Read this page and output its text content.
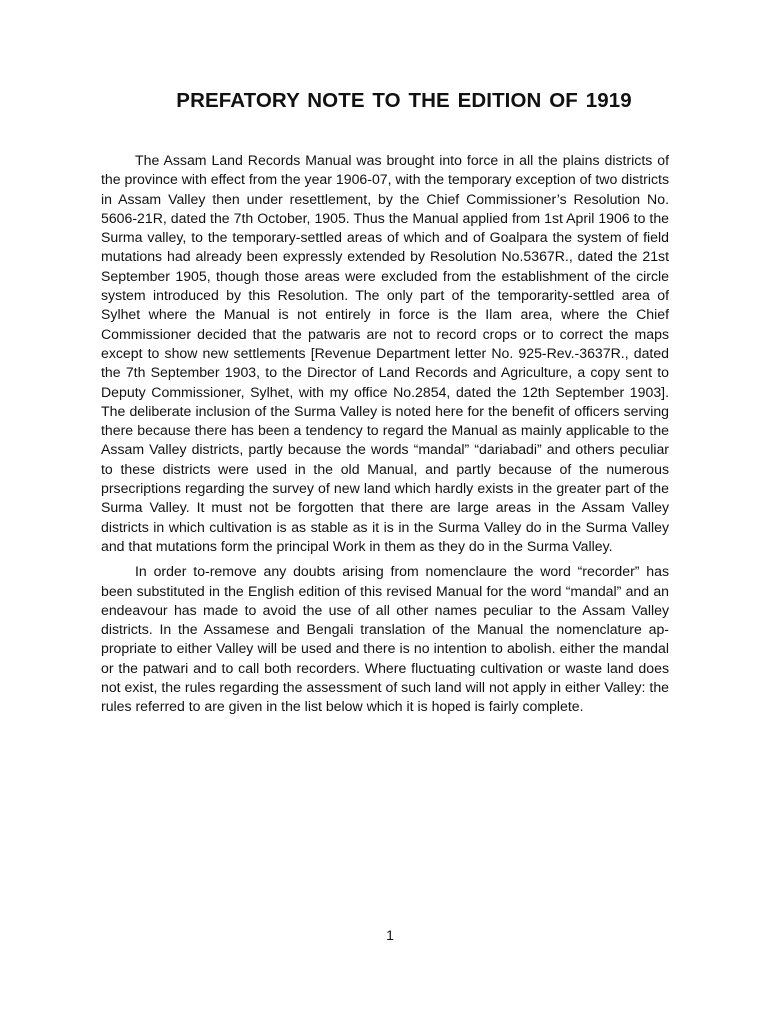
PREFATORY NOTE TO THE EDITION OF 1919

The Assam Land Records Manual was brought into force in all the plains districts of the province with effect from the year 1906-07, with the temporary exception of two districts in Assam Valley then under resettlement, by the Chief Commissioner’s Resolution No. 5606-21R, dated the 7th October, 1905. Thus the Manual applied from 1st April 1906 to the Surma valley, to the temporary-settled areas of which and of Goalpara the system of field mutations had already been expressly extended by Resolution No.5367R., dated the 21st September 1905, though those areas were excluded from the establishment of the circle system introduced by this Resolution. The only part of the temporarity-settled area of Sylhet where the Manual is not entirely in force is the Ilam area, where the Chief Commissioner decided that the patwaris are not to record crops or to correct the maps except to show new settlements [Revenue Department letter No. 925-Rev.-3637R., dated the 7th September 1903, to the Director of Land Records and Agriculture, a copy sent to Deputy Commissioner, Sylhet, with my office No.2854, dated the 12th September 1903]. The deliberate inclusion of the Surma Valley is noted here for the benefit of officers serving there because there has been a tendency to regard the Manual as mainly applicable to the Assam Valley districts, partly because the words “mandal” “dariabadi” and others peculiar to these districts were used in the old Manual, and partly because of the numerous prsecriptions regarding the survey of new land which hardly exists in the greater part of the Surma Valley. It must not be forgotten that there are large areas in the Assam Valley districts in which cultivation is as stable as it is in the Surma Valley do in the Surma Valley and that mutations form the principal Work in them as they do in the Surma Valley.

In order to-remove any doubts arising from nomenclaure the word “recorder” has been substituted in the English edition of this revised Manual for the word “mandal” and an endeavour has made to avoid the use of all other names peculiar to the Assam Valley districts. In the Assamese and Bengali translation of the Manual the nomenclature appropriate to either Valley will be used and there is no intention to abolish. either the mandal or the patwari and to call both recorders. Where fluctuating cultivation or waste land does not exist, the rules regarding the assessment of such land will not apply in either Valley: the rules referred to are given in the list below which it is hoped is fairly complete.

1
